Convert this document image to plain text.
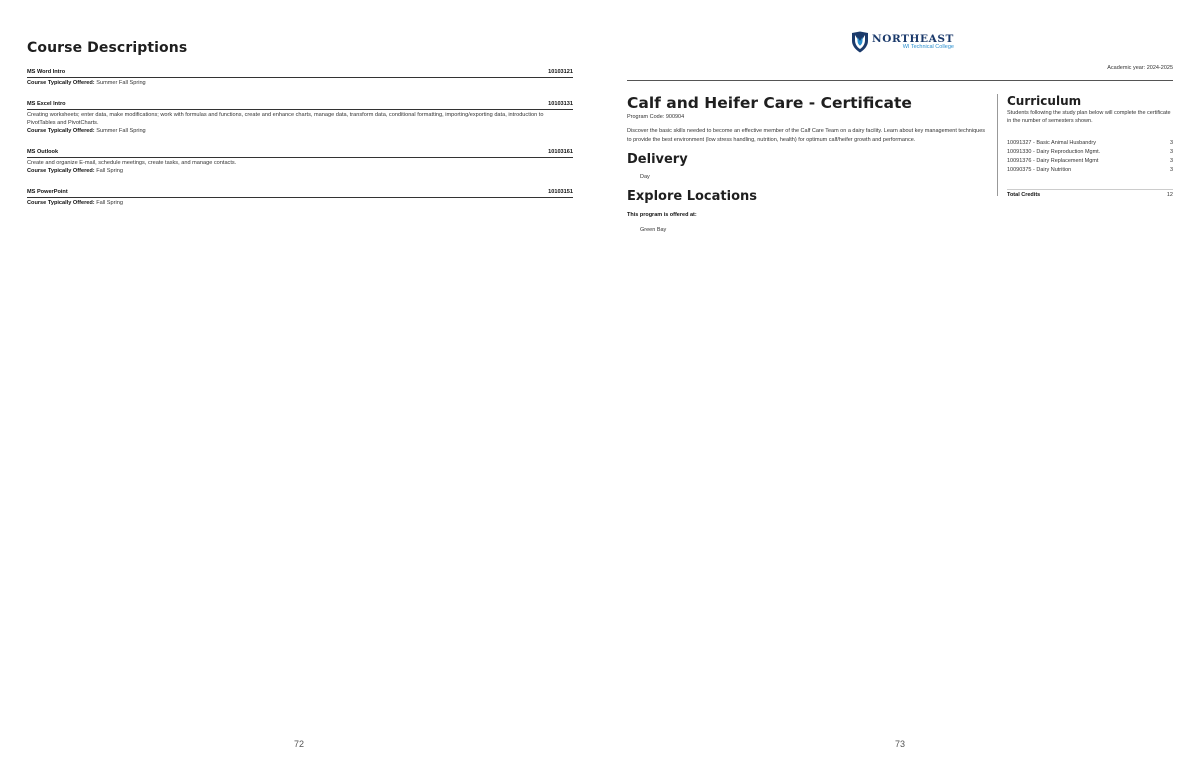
Course Descriptions
MS Word Intro	10103121
Course Typically Offered: Summer Fall Spring
MS Excel Intro	10103131
Creating worksheets; enter data, make modifications; work with formulas and functions, create and enhance charts, manage data, transform data, conditional formatting, importing/exporting data, introduction to PivotTables and PivotCharts.
Course Typically Offered: Summer Fall Spring
MS Outlook	10103161
Create and organize E-mail, schedule meetings, create tasks, and manage contacts.
Course Typically Offered: Fall Spring
MS PowerPoint	10103151
Course Typically Offered: Fall Spring
72
NORTHEAST
WI Technical College
Academic year: 2024-2025
Calf and Heifer Care - Certificate
Program Code: 900904
Discover the basic skills needed to become an effective member of the Calf Care Team on a dairy facility. Learn about key management techniques to provide the best environment (low stress handling, nutrition, health) for optimum calf/heifer growth and performance.
Delivery
Day
Explore Locations
This program is offered at:
Green Bay
Curriculum
Students following the study plan below will complete the certificate in the number of semesters shown.
10091327 - Basic Animal Husbandry	3
10091330 - Dairy Reproduction Mgmt.	3
10091376 - Dairy Replacement Mgmt	3
10090375 - Dairy Nutrition	3
Total Credits	12
73
